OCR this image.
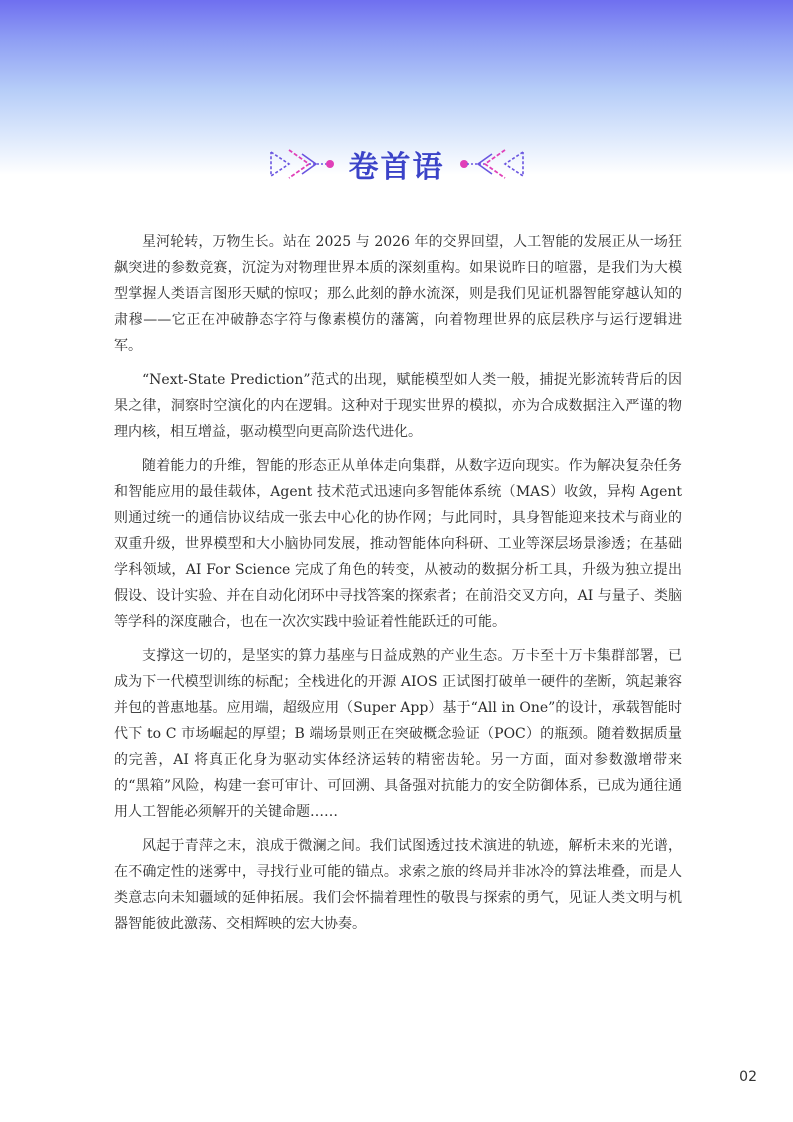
卷首语

星河轮转，万物生长。站在 2025 与 2026 年的交界回望，人工智能的发展正从一场狂飙突进的参数竞赛，沉淀为对物理世界本质的深刻重构。如果说昨日的喧嚣，是我们为大模型掌握人类语言图形天赋的惊叹；那么此刻的静水流深，则是我们见证机器智能穿越认知的肃穆——它正在冲破静态字符与像素模仿的藩篱，向着物理世界的底层秩序与运行逻辑进军。

“Next-State Prediction”范式的出现，赋能模型如人类一般，捕捉光影流转背后的因果之律，洞察时空演化的内在逻辑。这种对于现实世界的模拟，亦为合成数据注入严谨的物理内核，相互增益，驱动模型向更高阶迭代进化。

随着能力的升维，智能的形态正从单体走向集群，从数字迈向现实。作为解决复杂任务和智能应用的最佳载体，Agent 技术范式迅速向多智能体系统（MAS）收敛，异构 Agent 则通过统一的通信协议结成一张去中心化的协作网；与此同时，具身智能迎来技术与商业的双重升级，世界模型和大小脑协同发展，推动智能体向科研、工业等深层场景渗透；在基础学科领域，AI For Science 完成了角色的转变，从被动的数据分析工具，升级为独立提出假设、设计实验、并在自动化闭环中寻找答案的探索者；在前沿交叉方向，AI 与量子、类脑等学科的深度融合，也在一次次实践中验证着性能跃迁的可能。

支撑这一切的，是坚实的算力基座与日益成熟的产业生态。万卡至十万卡集群部署，已成为下一代模型训练的标配；全栈进化的开源 AIOS 正试图打破单一硬件的垄断，筑起兼容并包的普惠地基。应用端，超级应用（Super App）基于“All in One”的设计，承载智能时代下 to C 市场崛起的厚望；B 端场景则正在突破概念验证（POC）的瓶颈。随着数据质量的完善，AI 将真正化身为驱动实体经济运转的精密齿轮。另一方面，面对参数激增带来的“黑箱”风险，构建一套可审计、可回溯、具备强对抗能力的安全防御体系，已成为通往通用人工智能必须解开的关键命题……

风起于青萍之末，浪成于微澜之间。我们试图透过技术演进的轨迹，解析未来的光谱，在不确定性的迷雾中，寻找行业可能的锚点。求索之旅的终局并非冰冷的算法堆叠，而是人类意志向未知疆域的延伸拓展。我们会怀揣着理性的敬畏与探索的勇气，见证人类文明与机器智能彼此激荡、交相辉映的宏大协奏。

02
